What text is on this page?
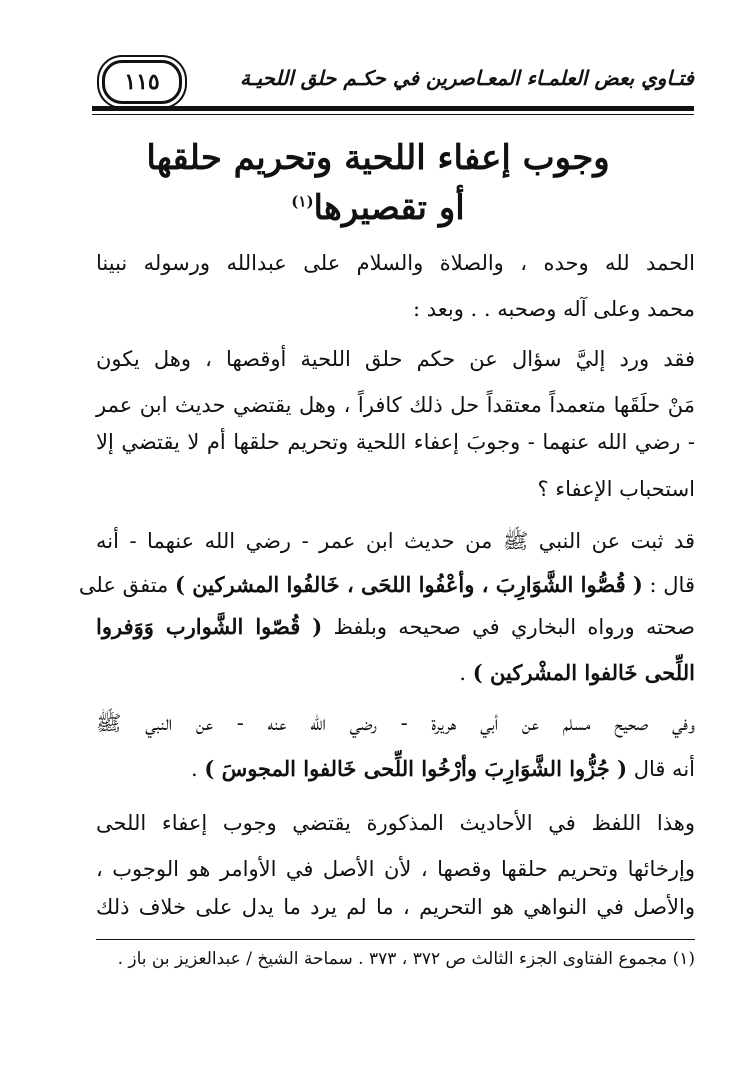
فتـاوي بعض العلمـاء المعـاصرين في حكـم حلق اللحيـة
١١٥
وجوب إعفاء اللحية وتحريم حلقها
أو تقصيرها$^{(١)}$
الحمد لله وحده ، والصلاة والسلام على عبدالله ورسوله نبينا
محمد وعلى آله وصحبه . . وبعد :
فقد ورد إليَّ سؤال عن حكم حلق اللحية أوقصها ، وهل يكون
مَنْ حلَقَها متعمداً معتقداً حل ذلك كافراً ، وهل يقتضي حديث ابن عمر
- رضي الله عنهما - وجوبَ إعفاء اللحية وتحريم حلقها أم لا يقتضي إلا
استحباب الإعفاء ؟
قد ثبت عن النبي ﷺ من حديث ابن عمر - رضي الله عنهما - أنه
قال : ( قُصُّوا الشَّوَارِبَ ، وأعْفُوا اللحَى ، خَالفُوا المشركين ) متفق على
صحته ورواه البخاري في صحيحه وبلفظ ( قُصّوا الشَّوارب وَوَفروا
اللِّحى خَالفوا المشْركين ) .
وفي صحيح مسلم عن أبي هريرة - رضي الله عنه - عن النبي ﷺ
أنه قال ( جُزُّوا الشَّوَارِبَ وأرْخُوا اللِّحى خَالفوا المجوسَ ) .
وهذا اللفظ في الأحاديث المذكورة يقتضي وجوب إعفاء اللحى
وإرخائها وتحريم حلقها وقصها ، لأن الأصل في الأوامر هو الوجوب ،
والأصل في النواهي هو التحريم ، ما لم يرد ما يدل على خلاف ذلك
(١) مجموع الفتاوى الجزء الثالث ص ٣٧٢ ، ٣٧٣ . سماحة الشيخ / عبدالعزيز بن باز .
